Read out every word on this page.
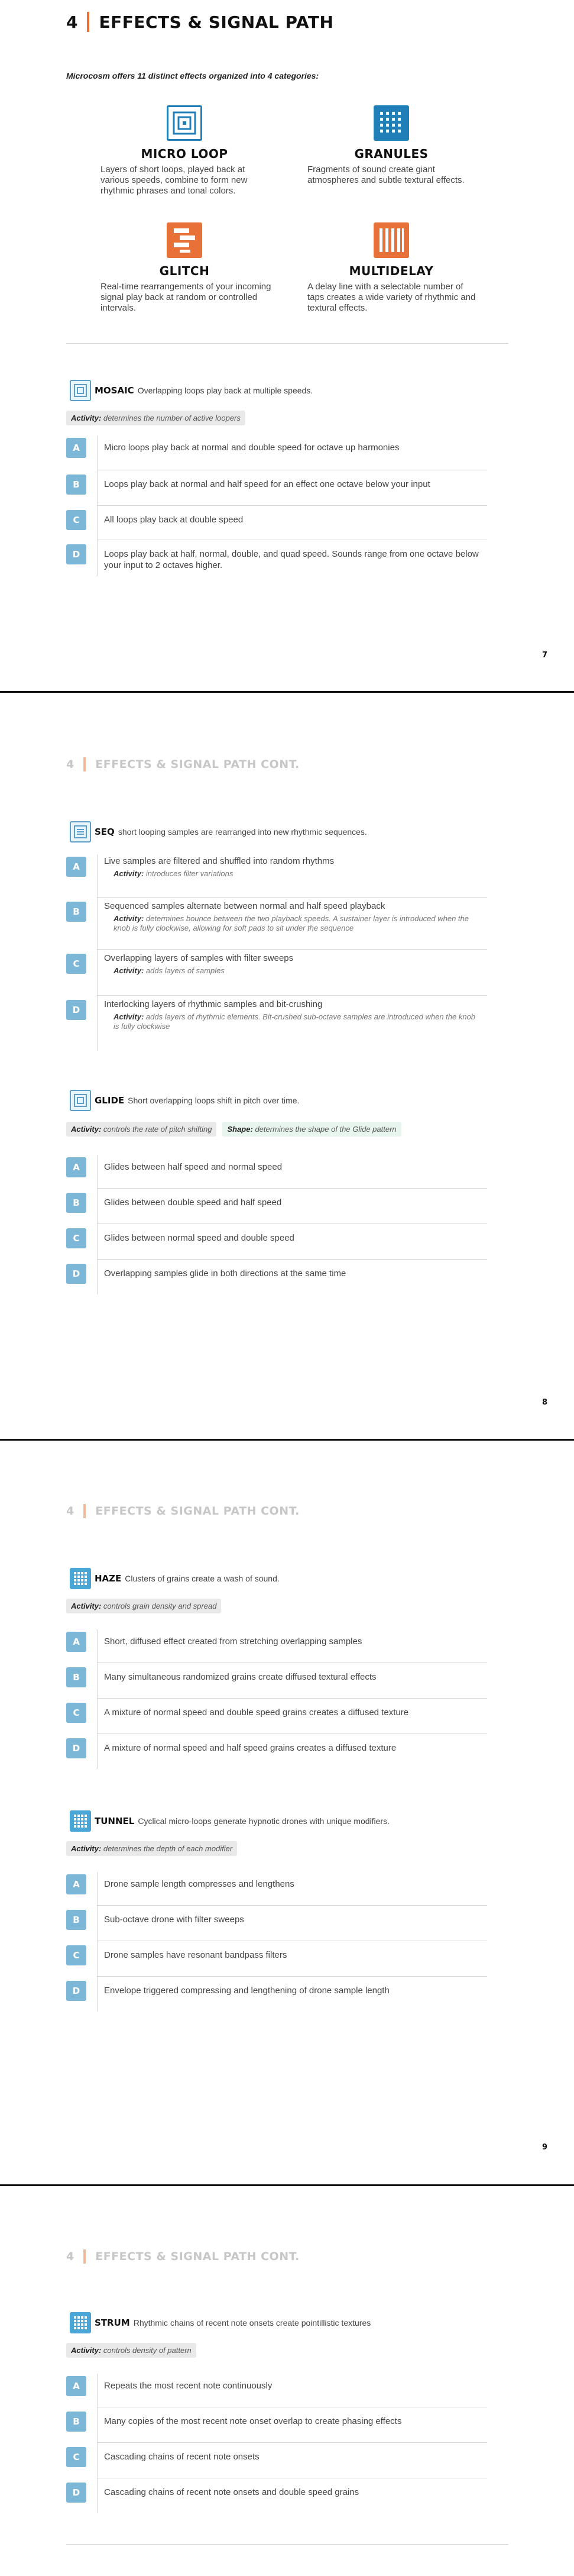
4 EFFECTS & SIGNAL PATH
Microcosm offers 11 distinct effects organized into 4 categories:
MICRO LOOP
Layers of short loops, played back at various speeds, combine to form new rhythmic phrases and tonal colors.
GRANULES
Fragments of sound create giant atmospheres and subtle textural effects.
GLITCH
Real-time rearrangements of your incoming signal play back at random or controlled intervals.
MULTIDELAY
A delay line with a selectable number of taps creates a wide variety of rhythmic and textural effects.
MOSAIC Overlapping loops play back at multiple speeds.
Activity: determines the number of active loopers
A	Micro loops play back at normal and double speed for octave up harmonies
B	Loops play back at normal and half speed for an effect one octave below your input
C	All loops play back at double speed
D	Loops play back at half, normal, double, and quad speed. Sounds range from one octave below your input to 2 octaves higher.
7
4 EFFECTS & SIGNAL PATH CONT.
SEQ short looping samples are rearranged into new rhythmic sequences.
A
Live samples are filtered and shuffled into random rhythms
Activity: introduces filter variations
B
Sequenced samples alternate between normal and half speed playback
Activity: determines bounce between the two playback speeds. A sustainer layer is introduced when the knob is fully clockwise, allowing for soft pads to sit under the sequence
C
Overlapping layers of samples with filter sweeps
Activity: adds layers of samples
D
Interlocking layers of rhythmic samples and bit-crushing
Activity: adds layers of rhythmic elements. Bit-crushed sub-octave samples are introduced when the knob is fully clockwise
GLIDE Short overlapping loops shift in pitch over time.
Activity: controls the rate of pitch shifting	Shape: determines the shape of the Glide pattern
A	Glides between half speed and normal speed
B	Glides between double speed and half speed
C	Glides between normal speed and double speed
D	Overlapping samples glide in both directions at the same time
8
4 EFFECTS & SIGNAL PATH CONT.
HAZE Clusters of grains create a wash of sound.
Activity: controls grain density and spread
A	Short, diffused effect created from stretching overlapping samples
B	Many simultaneous randomized grains create diffused textural effects
C	A mixture of normal speed and double speed grains creates a diffused texture
D	A mixture of normal speed and half speed grains creates a diffused texture
TUNNEL Cyclical micro-loops generate hypnotic drones with unique modifiers.
Activity: determines the depth of each modifier
A	Drone sample length compresses and lengthens
B	Sub-octave drone with filter sweeps
C	Drone samples have resonant bandpass filters
D	Envelope triggered compressing and lengthening of drone sample length
9
4 EFFECTS & SIGNAL PATH CONT.
STRUM Rhythmic chains of recent note onsets create pointillistic textures
Activity: controls density of pattern
A	Repeats the most recent note continuously
B	Many copies of the most recent note onset overlap to create phasing effects
C	Cascading chains of recent note onsets
D	Cascading chains of recent note onsets and double speed grains
